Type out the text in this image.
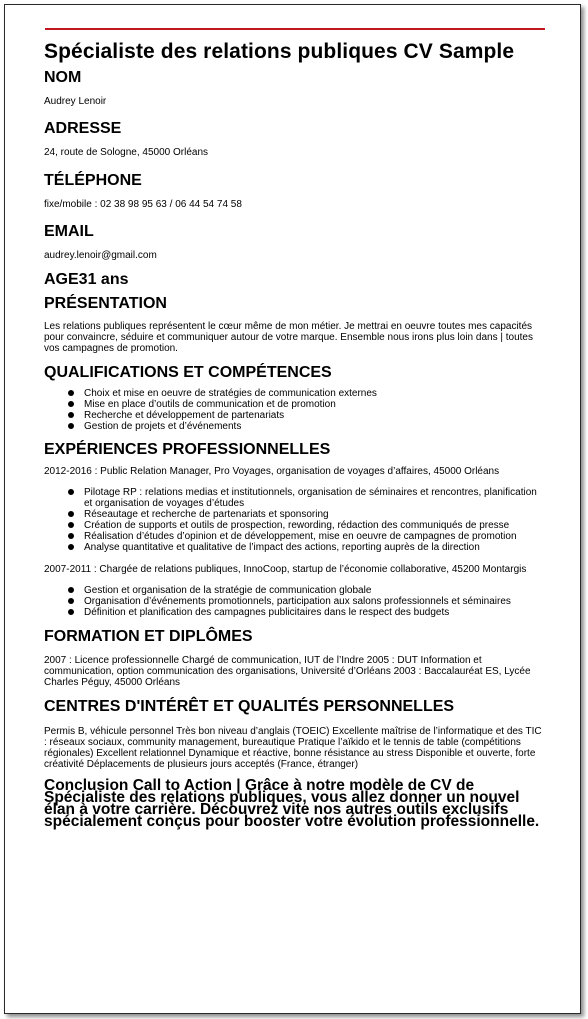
Spécialiste des relations publiques CV Sample
NOM
Audrey Lenoir
ADRESSE
24, route de Sologne, 45000 Orléans
TÉLÉPHONE
fixe/mobile : 02 38 98 95 63 / 06 44 54 74 58
EMAIL
audrey.lenoir@gmail.com
AGE31 ans
PRÉSENTATION

Les relations publiques représentent le cœur même de mon métier. Je mettrai en oeuvre toutes mes capacités pour convaincre, séduire et communiquer autour de votre marque. Ensemble nous irons plus loin dans | toutes vos campagnes de promotion.

QUALIFICATIONS ET COMPÉTENCES
Choix et mise en oeuvre de stratégies de communication externes
Mise en place d’outils de communication et de promotion
Recherche et développement de partenariats
Gestion de projets et d’événements
EXPÉRIENCES PROFESSIONNELLES

2012-2016 : Public Relation Manager, Pro Voyages, organisation de voyages d’affaires, 45000 Orléans

Pilotage RP : relations medias et institutionnels, organisation de séminaires et rencontres, planification et organisation de voyages d’études
Réseautage et recherche de partenariats et sponsoring
Création de supports et outils de prospection, rewording, rédaction des communiqués de presse
Réalisation d’études d’opinion et de développement, mise en oeuvre de campagnes de promotion
Analyse quantitative et qualitative de l’impact des actions, reporting auprès de la direction

2007-2011 : Chargée de relations publiques, InnoCoop, startup de l’économie collaborative, 45200 Montargis

Gestion et organisation de la stratégie de communication globale
Organisation d’événements promotionnels, participation aux salons professionnels et séminaires
Définition et planification des campagnes publicitaires dans le respect des budgets
FORMATION ET DIPLÔMES

2007 : Licence professionnelle Chargé de communication, IUT de l’Indre 2005 : DUT Information et communication, option communication des organisations, Université d’Orléans 2003 : Baccalauréat ES, Lycée Charles Péguy, 45000 Orléans

CENTRES D'INTÉRÊT ET QUALITÉS PERSONNELLES

Permis B, véhicule personnel Très bon niveau d’anglais (TOEIC) Excellente maîtrise de l’informatique et des TIC : réseaux sociaux, community management, bureautique Pratique l’aïkido et le tennis de table (compétitions régionales) Excellent relationnel Dynamique et réactive, bonne résistance au stress Disponible et ouverte, forte créativité Déplacements de plusieurs jours acceptés (France, étranger)

Conclusion Call to Action | Grâce à notre modèle de CV de Spécialiste des relations publiques, vous allez donner un nouvel élan à votre carrière. Découvrez vite nos autres outils exclusifs spécialement conçus pour booster votre évolution professionnelle.
